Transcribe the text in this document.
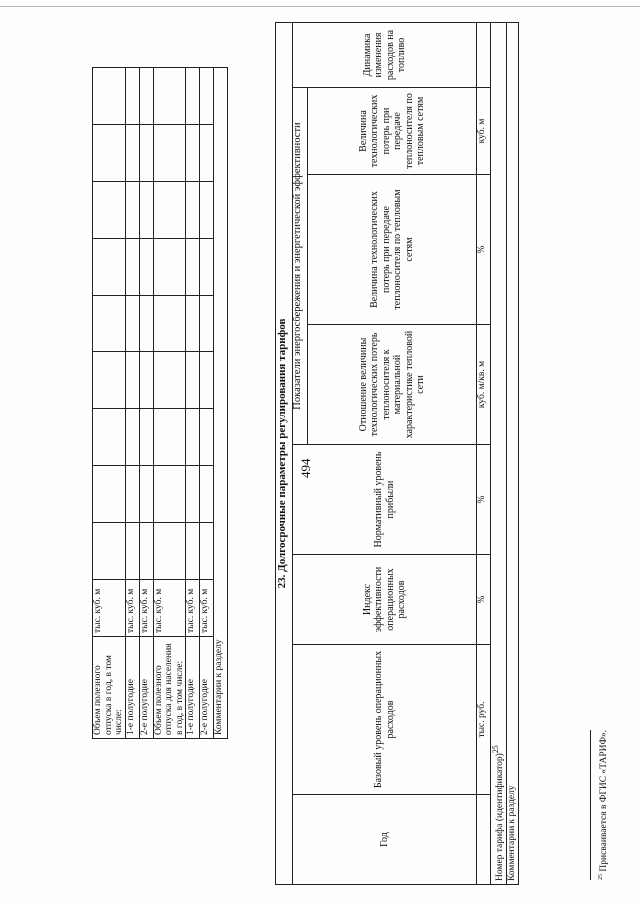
494
Объем полезного отпуска в год, в том числе:	тыс. куб. м									
1-е полугодие	тыс. куб. м									
2-е полугодие	тыс. куб. м									
Объем полезного отпуска для населения в год, в том числе:	тыс. куб. м									
1-е полугодие	тыс. куб. м									
2-е полугодие	тыс. куб. м									
Комментарии к разделу										
23. Долгосрочные параметры регулирования тарифов							
Год	Базовый уровень операционных расходов	Индекс эффективности операционных расходов	Нормативный уровень прибыли	Показатели энергосбережения и энергетической эффективности			Динамика изменения расходов на топливо
				Отношение величины технологических потерь теплоносителя к материальной характеристике тепловой сети	Величина технологических потерь при передаче теплоносителя по тепловым сетям	Величина технологических потерь при передаче теплоносителя по тепловым сетям	
	тыс. руб.	%	%	куб. м/кв. м	%	куб. м	
Номер тарифа (идентификатор)$^{25}$
Комментарии к разделу								$^{25}$ Присваивается в ФГИС «ТАРИФ».
